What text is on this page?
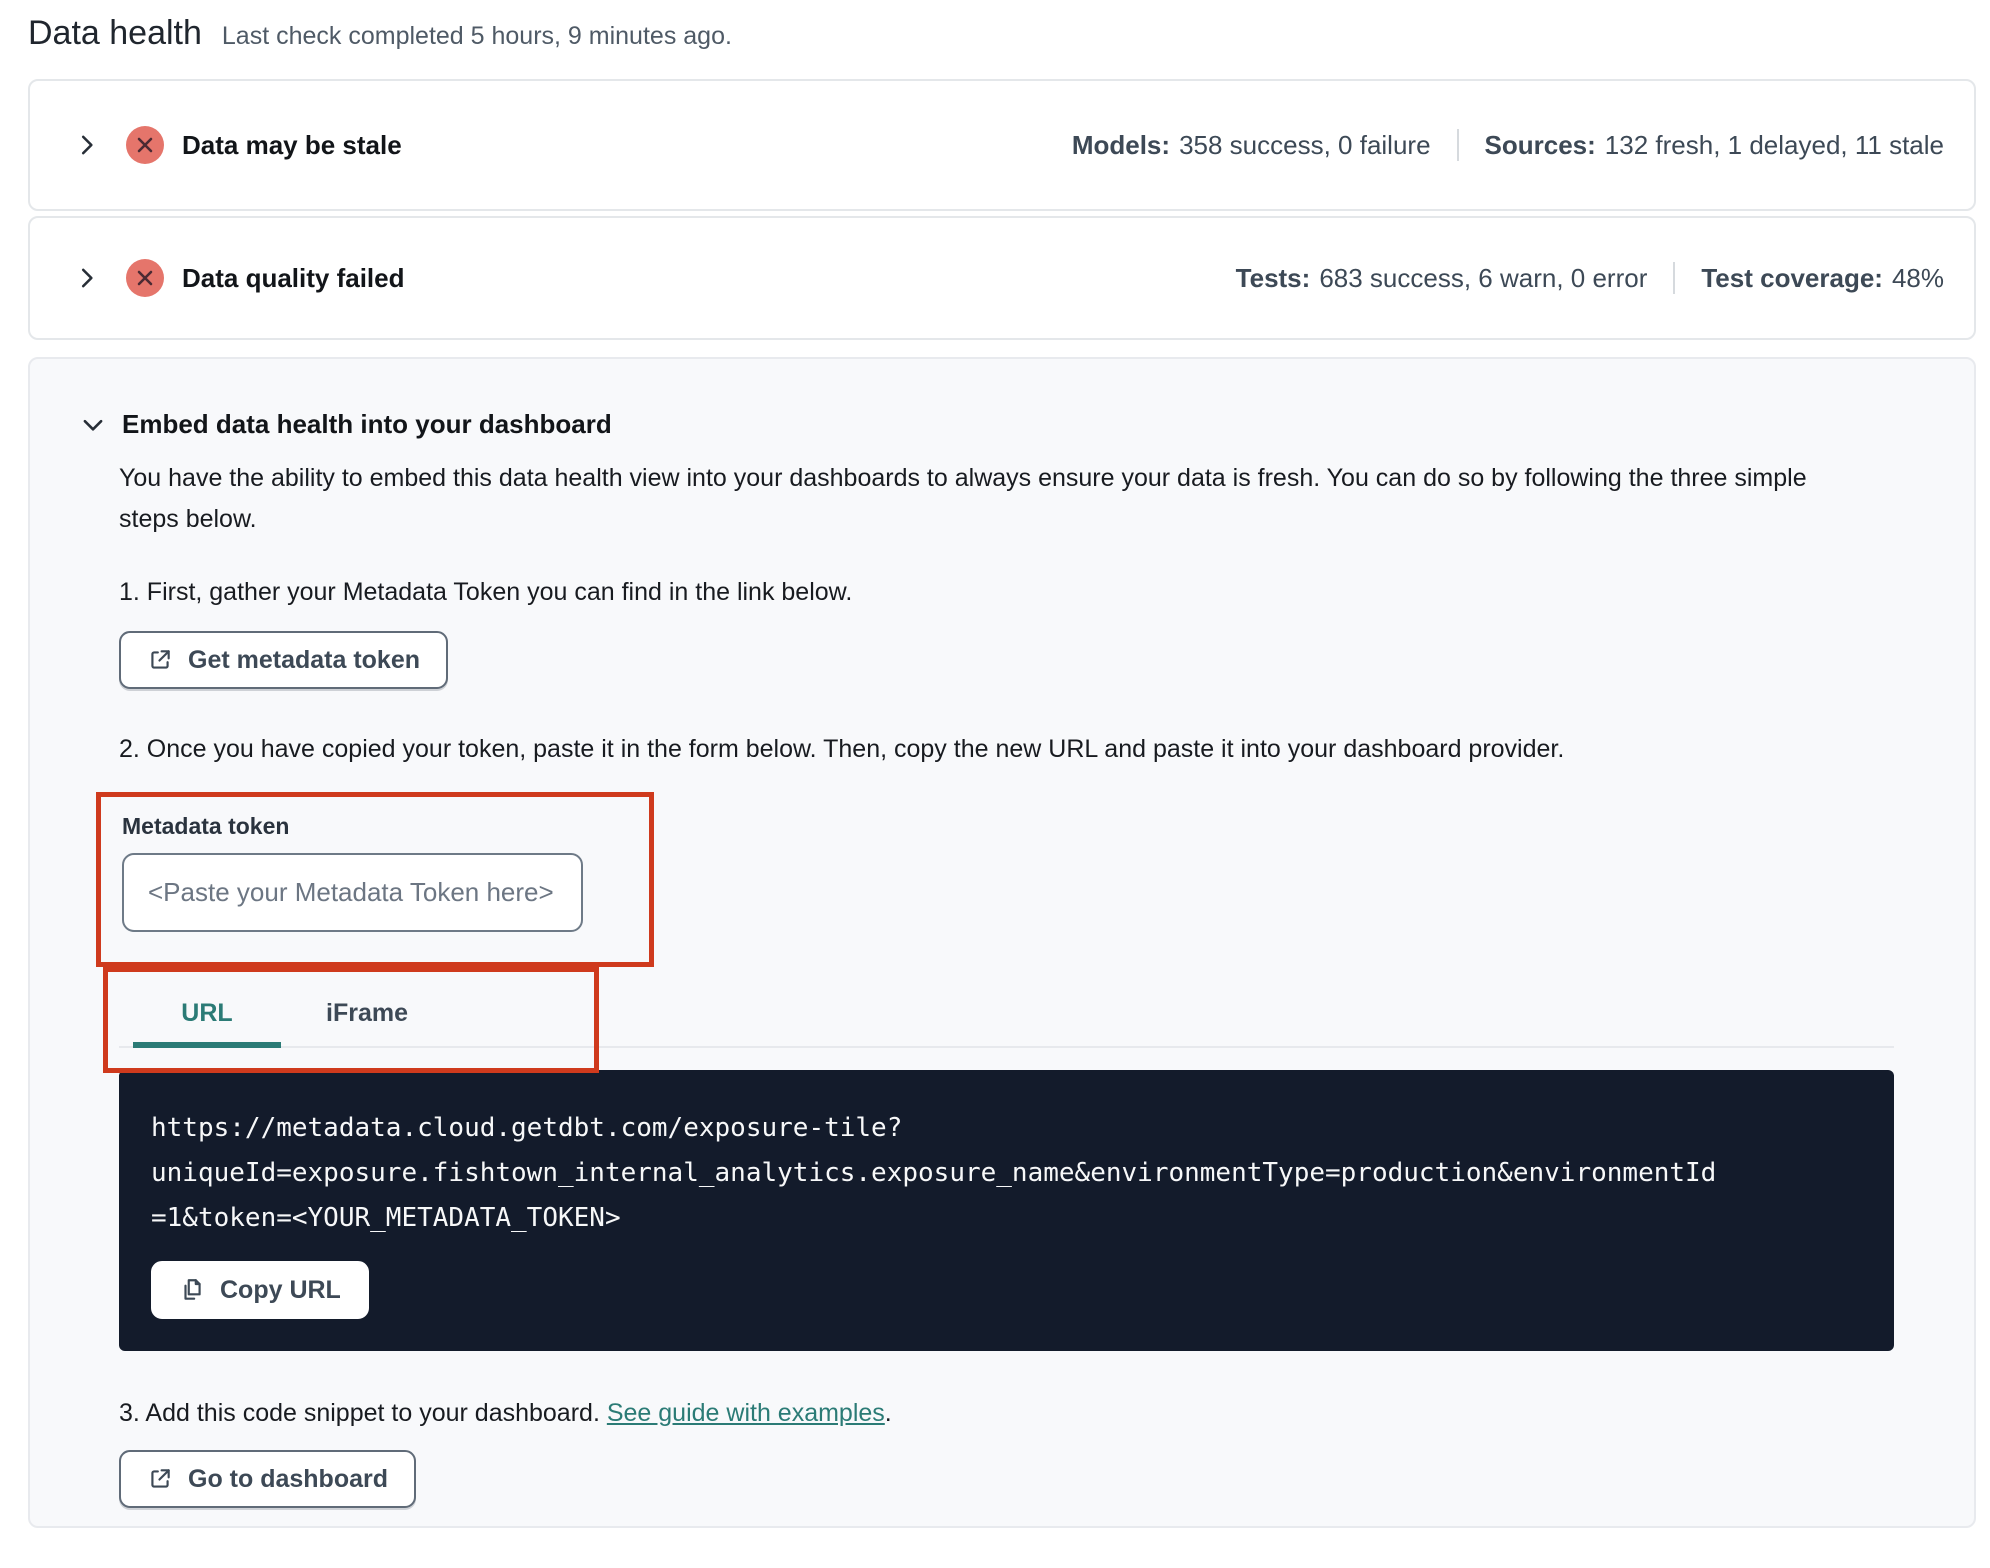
Data health Last check completed 5 hours, 9 minutes ago.
Data may be stale	Models: 358 success, 0 failure Sources: 132 fresh, 1 delayed, 11 stale
Data quality failed	Tests: 683 success, 6 warn, 0 error Test coverage: 48%
Embed data health into your dashboard

You have the ability to embed this data health view into your dashboards to always ensure your data is fresh. You can do so by following the three simple steps below.

1. First, gather your Metadata Token you can find in the link below.

Get metadata token

2. Once you have copied your token, paste it in the form below. Then, copy the new URL and paste it into your dashboard provider.

Metadata token
<Paste your Metadata Token here>
URL	iFrame
https://metadata.cloud.getdbt.com/exposure-tile?
uniqueId=exposure.fishtown_internal_analytics.exposure_name&environmentType=production&environmentId
=1&token=<YOUR_METADATA_TOKEN>
Copy URL

3. Add this code snippet to your dashboard. See guide with examples.

Go to dashboard
